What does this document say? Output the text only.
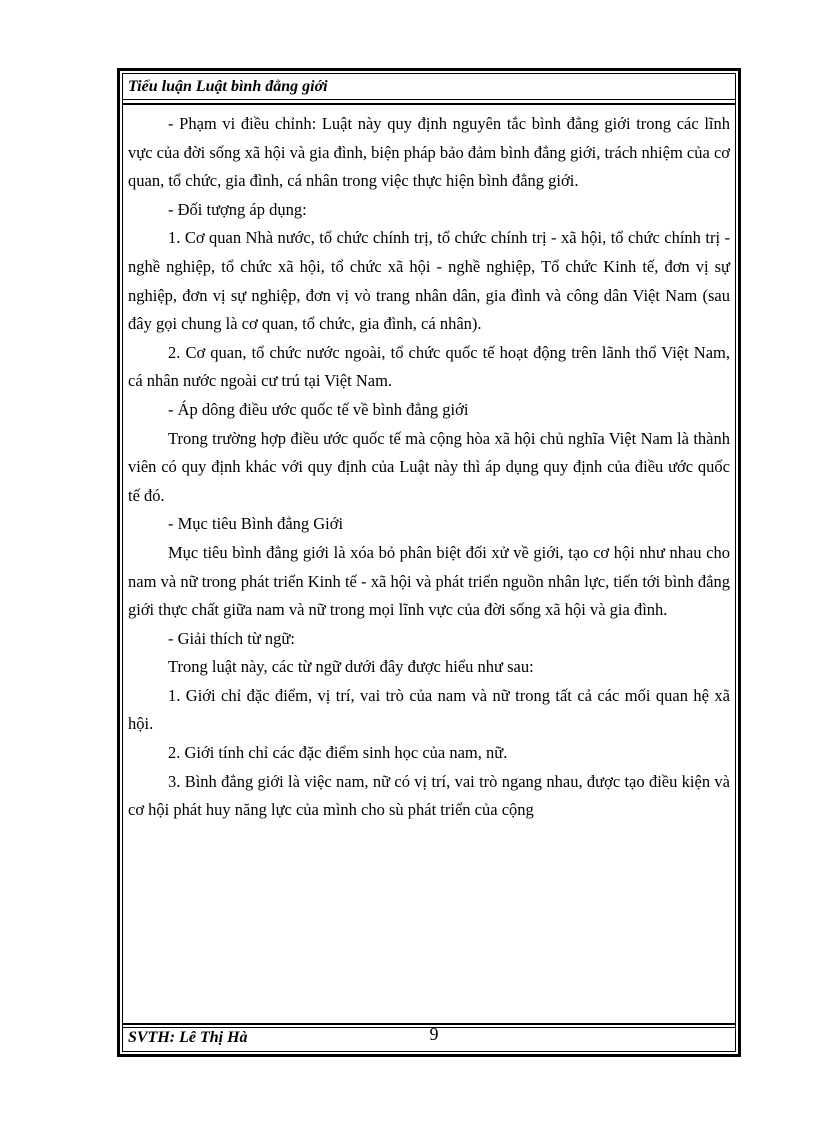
Tiểu luận Luật bình đẳng giới

- Phạm vi điều chỉnh: Luật này quy định nguyên tắc bình đẳng giới trong các lĩnh vực của đời sống xã hội và gia đình, biện pháp bảo đảm bình đẳng giới, trách nhiệm của cơ quan, tổ chức, gia đình, cá nhân trong việc thực hiện bình đẳng giới.

- Đối tượng áp dụng:

1. Cơ quan Nhà nước, tổ chức chính trị, tổ chức chính trị - xã hội, tổ chức chính trị - nghề nghiệp, tổ chức xã hội, tổ chức xã hội - nghề nghiệp, Tổ chức Kinh tế, đơn vị sự nghiệp, đơn vị sự nghiệp, đơn vị vò trang nhân dân, gia đình và công dân Việt Nam (sau đây gọi chung là cơ quan, tổ chức, gia đình, cá nhân).

2. Cơ quan, tổ chức nước ngoài, tổ chức quốc tế hoạt động trên lãnh thổ Việt Nam, cá nhân nước ngoài cư trú tại Việt Nam.

- Áp dông điều ước quốc tế về bình đẳng giới

Trong trường hợp điều ước quốc tế mà cộng hòa xã hội chủ nghĩa Việt Nam là thành viên có quy định khác với quy định của Luật này thì áp dụng quy định của điều ước quốc tế đó.

- Mục tiêu Bình đẳng Giới

Mục tiêu bình đẳng giới là xóa bỏ phân biệt đối xử về giới, tạo cơ hội như nhau cho nam và nữ trong phát triển Kinh tế - xã hội và phát triển nguồn nhân lực, tiến tới bình đẳng giới thực chất giữa nam và nữ trong mọi lĩnh vực của đời sống xã hội và gia đình.

- Giải thích từ ngữ:

Trong luật này, các từ ngữ dưới đây được hiểu như sau:

1. Giới chỉ đặc điểm, vị trí, vai trò của nam và nữ trong tất cả các mối quan hệ xã hội.

2. Giới tính chỉ các đặc điểm sinh học của nam, nữ.

3. Bình đẳng giới là việc nam, nữ có vị trí, vai trò ngang nhau, được tạo điều kiện và cơ hội phát huy năng lực của mình cho sù phát triển của cộng

SVTH: Lê Thị Hà	9
